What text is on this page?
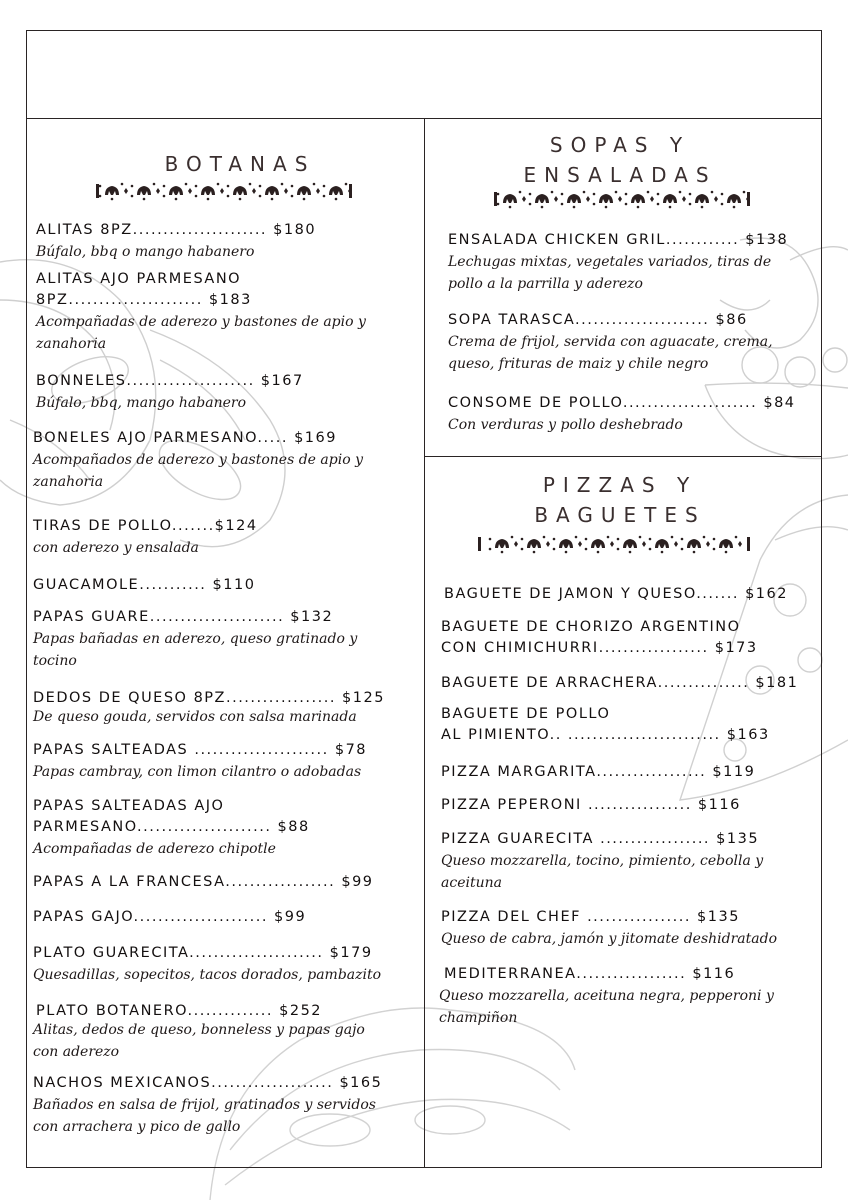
BOTANAS
SOPAS Y
ENSALADAS
PIZZAS Y
BAGUETES
ALITAS 8PZ...................... $180
Búfalo, bbq o mango habanero
ALITAS AJO PARMESANO
8PZ...................... $183
Acompañadas de aderezo y bastones de apio y
zanahoria
BONNELES..................... $167
Búfalo, bbq, mango habanero
BONELES AJO PARMESANO..... $169
Acompañados de aderezo y bastones de apio y
zanahoria
TIRAS DE POLLO.......$124
con aderezo y ensalada
GUACAMOLE........... $110
PAPAS GUARE...................... $132
Papas bañadas en aderezo, queso gratinado y
tocino
DEDOS DE QUESO 8PZ.................. $125
De queso gouda, servidos con salsa marinada
PAPAS SALTEADAS ...................... $78
Papas cambray, con limon cilantro o adobadas
PAPAS SALTEADAS AJO
PARMESANO...................... $88
Acompañadas de aderezo chipotle
PAPAS A LA FRANCESA.................. $99
PAPAS GAJO...................... $99
PLATO GUARECITA...................... $179
Quesadillas, sopecitos, tacos dorados, pambazito
PLATO BOTANERO.............. $252
Alitas, dedos de queso, bonneless y papas gajo
con aderezo
NACHOS MEXICANOS.................... $165
Bañados en salsa de frijol, gratinados y servidos
con arrachera y pico de gallo
ENSALADA CHICKEN GRIL............ $138
Lechugas mixtas, vegetales variados, tiras de
pollo a la parrilla y aderezo
SOPA TARASCA...................... $86
Crema de frijol, servida con aguacate, crema,
queso, frituras de maiz y chile negro
CONSOME DE POLLO...................... $84
Con verduras y pollo deshebrado
BAGUETE DE JAMON Y QUESO....... $162
BAGUETE DE CHORIZO ARGENTINO
CON CHIMICHURRI.................. $173
BAGUETE DE ARRACHERA............... $181
BAGUETE DE POLLO
AL PIMIENTO.. ......................... $163
PIZZA MARGARITA.................. $119
PIZZA PEPERONI ................. $116
PIZZA GUARECITA .................. $135
Queso mozzarella, tocino, pimiento, cebolla y
aceituna
PIZZA DEL CHEF ................. $135
Queso de cabra, jamón y jitomate deshidratado
MEDITERRANEA.................. $116
Queso mozzarella, aceituna negra, pepperoni y
champiñon
